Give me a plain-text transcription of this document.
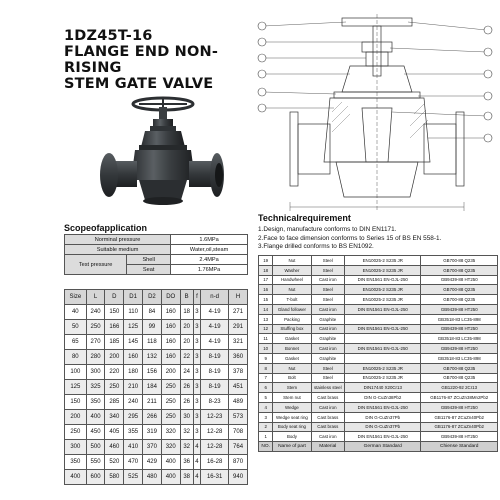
1DZ45T-16
FLANGE END NON-RISING
STEM GATE VALVE
Scopeofapplication
Norminal pressure		1.6MPa
Suitable medium		Water,oil,steam
Test pressure	Shell	2.4MPa
	Seat	1.76MPa
Size	L	D	D1	D2	DO	B	f	n-d	H
40	240	150	110	84	160	18	3	4-19	271
50	250	166	125	99	160	20	3	4-19	291
65	270	185	145	118	160	20	3	4-19	321
80	280	200	160	132	160	22	3	8-19	360
100	300	220	180	156	200	24	3	8-19	378
125	325	250	210	184	250	26	3	8-19	451
150	350	285	240	211	250	26	3	8-23	489
200	400	340	295	266	250	30	3	12-23	573
250	450	405	355	319	320	32	3	12-28	708
300	500	460	410	370	320	32	4	12-28	764
350	550	520	470	429	400	36	4	16-28	870
400	600	580	525	480	400	38	4	16-31	940
Technicalrequirement
1.Design, manufacture conforms to DIN EN1171.
2.Face to face dimension conforms to Series 15 of BS EN 558-1.
3.Flange drilled conforms to BS EN1092.
19	Nut	Steel	EN10025-2 S235 JR	GB700-88 Q235
18	Washer	Steel	EN10025-2 S235 JR	GB700-88 Q235
17	Handwheel	Cast iron	DIN EN1561 EN-GJL-250	GB9439-88 HT250
16	Nut	Steel	EN10025-2 S235 JR	GB700-88 Q235
15	T-bolt	Steel	EN10025-2 S235 JR	GB700-88 Q235
14	Gland follower	Cast iron	DIN EN1561 EN-GJL-250	GB9439-88 HT250
13	Packing	Graphite		GB3518-83 LC35-898
12	Stuffing box	Cast iron	DIN EN1561 EN-GJL-250	GB9439-88 HT250
11	Gasket	Graphite		GB3518-83 LC35-898
10	Bonnet	Cast iron	DIN EN1561 EN-GJL-250	GB9439-88 HT250
9	Gasket	Graphite		GB3518-83 LC35-898
8	Nut	Steel	EN10025-2 S235 JR	GB700-88 Q235
7	Bolt	Steel	EN10025-2 S235 JR	GB700-88 Q235
6	Stem	stainless steel	DIN17440 X20Cr13	GB1220-92 2Cr13
5	Stem nut	Cast brass	DIN G-CuZn38Pb2	GB1176-87 ZCuZn38Mn2Pb2
4	Wedge	Cast iron	DIN EN1561 EN-GJL-250	GB9439-88 HT250
3	Wedge seat ring	Cast brass	DIN G-CuZn37Pb	GB1176-87 ZCuZn40Pb2
2	Body seat ring	Cast brass	DIN G-CuZn37Pb	GB1176-87 ZCuZn40Pb2
1	Body	Cast iron	DIN EN1561 EN-GJL-250	GB9439-88 HT250
NO.	Name of part	Material	German Standard	Chiense Standard
